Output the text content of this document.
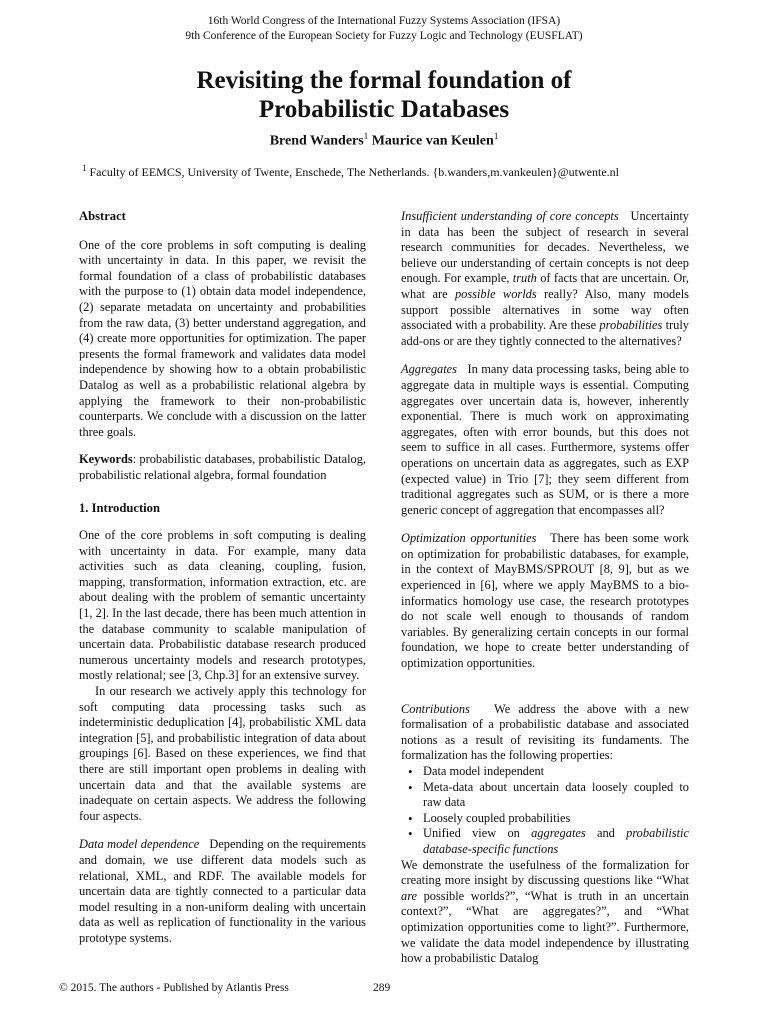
16th World Congress of the International Fuzzy Systems Association (IFSA)
9th Conference of the European Society for Fuzzy Logic and Technology (EUSFLAT)
Revisiting the formal foundation of
Probabilistic Databases
Brend Wanders$^1$ Maurice van Keulen$^1$
$^1$ Faculty of EEMCS, University of Twente, Enschede, The Netherlands. {b.wanders,m.vankeulen}@utwente.nl

Abstract

One of the core problems in soft computing is dealing with uncertainty in data. In this paper, we revisit the formal foundation of a class of probabilistic databases with the purpose to (1) obtain data model independence, (2) separate metadata on uncertainty and probabilities from the raw data, (3) better understand aggregation, and (4) create more opportunities for optimization. The paper presents the formal framework and validates data model independence by showing how to a obtain probabilistic Datalog as well as a probabilistic relational algebra by applying the framework to their non-probabilistic counterparts. We conclude with a discussion on the latter three goals.

Keywords: probabilistic databases, probabilistic Datalog, probabilistic relational algebra, formal foundation

1. Introduction

One of the core problems in soft computing is dealing with uncertainty in data. For example, many data activities such as data cleaning, coupling, fusion, mapping, transformation, information extraction, etc. are about dealing with the problem of semantic uncertainty [1, 2]. In the last decade, there has been much attention in the database community to scalable manipulation of uncertain data. Probabilistic database research produced numerous uncertainty models and research prototypes, mostly relational; see [3, Chp.3] for an extensive survey.

In our research we actively apply this technology for soft computing data processing tasks such as indeterministic deduplication [4], probabilistic XML data integration [5], and probabilistic integration of data about groupings [6]. Based on these experiences, we find that there are still important open problems in dealing with uncertain data and that the available systems are inadequate on certain aspects. We address the following four aspects.

Data model dependence Depending on the requirements and domain, we use different data models such as relational, XML, and RDF. The available models for uncertain data are tightly connected to a particular data model resulting in a non-uniform dealing with uncertain data as well as replication of functionality in the various prototype systems.

Insufficient understanding of core concepts Uncertainty in data has been the subject of research in several research communities for decades. Nevertheless, we believe our understanding of certain concepts is not deep enough. For example, truth of facts that are uncertain. Or, what are possible worlds really? Also, many models support possible alternatives in some way often associated with a probability. Are these probabilities truly add-ons or are they tightly connected to the alternatives?

Aggregates In many data processing tasks, being able to aggregate data in multiple ways is essential. Computing aggregates over uncertain data is, however, inherently exponential. There is much work on approximating aggregates, often with error bounds, but this does not seem to suffice in all cases. Furthermore, systems offer operations on uncertain data as aggregates, such as EXP (expected value) in Trio [7]; they seem different from traditional aggregates such as SUM, or is there a more generic concept of aggregation that encompasses all?

Optimization opportunities There has been some work on optimization for probabilistic databases, for example, in the context of MayBMS/SPROUT [8, 9], but as we experienced in [6], where we apply MayBMS to a bio-informatics homology use case, the research prototypes do not scale well enough to thousands of random variables. By generalizing certain concepts in our formal foundation, we hope to create better understanding of optimization opportunities.

Contributions We address the above with a new formalisation of a probabilistic database and associated notions as a result of revisiting its fundaments. The formalization has the following properties:

• Data model independent
• Meta-data about uncertain data loosely coupled to raw data
• Loosely coupled probabilities
• Unified view on aggregates and probabilistic database-specific functions

We demonstrate the usefulness of the formalization for creating more insight by discussing questions like “What are possible worlds?”, “What is truth in an uncertain context?”, “What are aggregates?”, and “What optimization opportunities come to light?”. Furthermore, we validate the data model independence by illustrating how a probabilistic Datalog

© 2015. The authors - Published by Atlantis Press	289
